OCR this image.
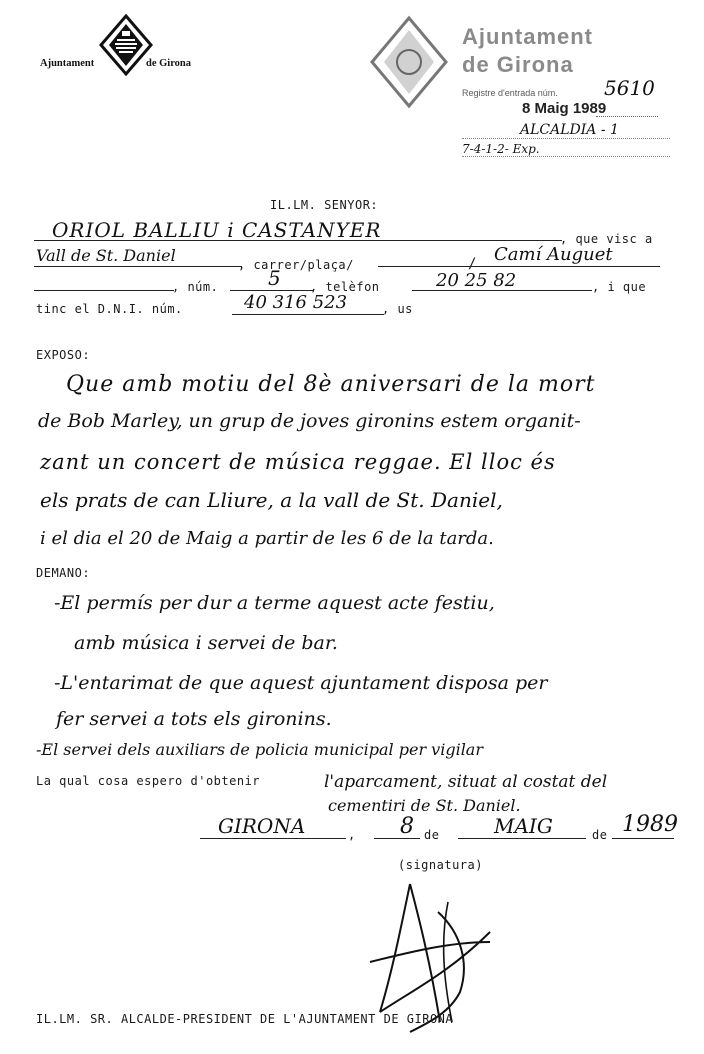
Ajuntament	de Girona
Ajuntament
de Girona
Registre d'entrada núm. 5610
8 Maig 1989
ALCALDIA - 1
7-4-1-2- Exp.
IL.LM. SENYOR:
ORIOL BALLIU i CASTANYER	, que visc a
Vall de St. Daniel	, carrer/plaça/	/ Camí Auguet
, núm. 5 , telèfon	20 25 82	, i que
tinc el D.N.I. núm.	40 316 523	, us
EXPOSO:
Que amb motiu del 8è aniversari de la mort
de Bob Marley, un grup de joves gironins estem organit-
zant un concert de música reggae. El lloc és
els prats de can Lliure, a la vall de St. Daniel,
i el dia el 20 de Maig a partir de les 6 de la tarda.
DEMANO:
-El permís per dur a terme aquest acte festiu,
amb música i servei de bar.
-L'entarimat de que aquest ajuntament disposa per
fer servei a tots els gironins.
-El servei dels auxiliars de policia municipal per vigilar
La qual cosa espero d'obtenir	l'aparcament, situat al costat del
cementiri de St. Daniel.
GIRONA	, 8 de	MAIG	de 1989
(signatura)
IL.LM. SR. ALCALDE-PRESIDENT DE L'AJUNTAMENT DE GIRONA
